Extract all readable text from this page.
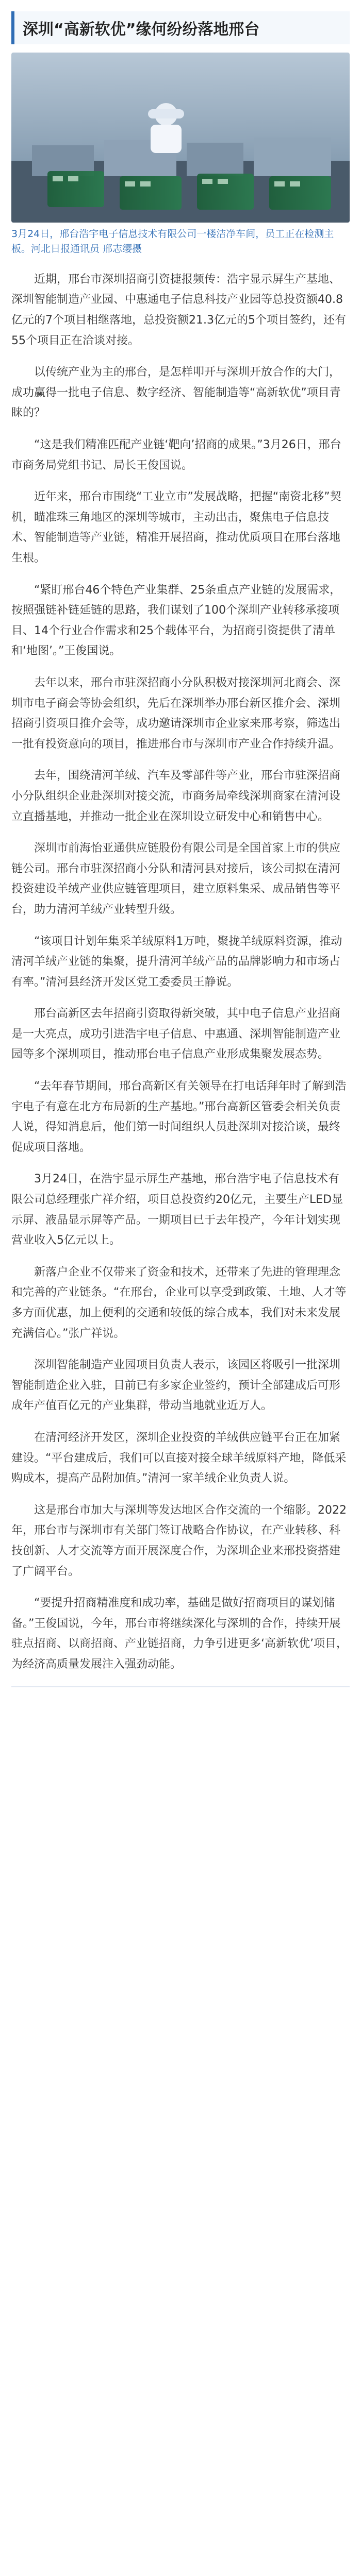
深圳“高新软优”缘何纷纷落地邢台
3月24日，邢台浩宇电子信息技术有限公司一楼洁净车间，员工正在检测主板。河北日报通讯员 邢志缨摄

近期，邢台市深圳招商引资捷报频传：浩宇显示屏生产基地、深圳智能制造产业园、中惠通电子信息科技产业园等总投资额40.8亿元的7个项目相继落地，总投资额21.3亿元的5个项目签约，还有55个项目正在洽谈对接。

以传统产业为主的邢台，是怎样叩开与深圳开放合作的大门，成功赢得一批电子信息、数字经济、智能制造等“高新软优”项目青睐的？

“这是我们精准匹配产业链‘靶向’招商的成果。”3月26日，邢台市商务局党组书记、局长王俊国说。

近年来，邢台市围绕“工业立市”发展战略，把握“南资北移”契机，瞄准珠三角地区的深圳等城市，主动出击，聚焦电子信息技术、智能制造等产业链，精准开展招商，推动优质项目在邢台落地生根。

“紧盯邢台46个特色产业集群、25条重点产业链的发展需求，按照强链补链延链的思路，我们谋划了100个深圳产业转移承接项目、14个行业合作需求和25个载体平台，为招商引资提供了清单和‘地图’。”王俊国说。

去年以来，邢台市驻深招商小分队积极对接深圳河北商会、深圳市电子商会等协会组织，先后在深圳举办邢台新区推介会、深圳招商引资项目推介会等，成功邀请深圳市企业家来邢考察，筛选出一批有投资意向的项目，推进邢台市与深圳市产业合作持续升温。

去年，围绕清河羊绒、汽车及零部件等产业，邢台市驻深招商小分队组织企业赴深圳对接交流，市商务局牵线深圳商家在清河设立直播基地，并推动一批企业在深圳设立研发中心和销售中心。

深圳市前海怡亚通供应链股份有限公司是全国首家上市的供应链公司。邢台市驻深招商小分队和清河县对接后，该公司拟在清河投资建设羊绒产业供应链管理项目，建立原料集采、成品销售等平台，助力清河羊绒产业转型升级。

“该项目计划年集采羊绒原料1万吨，聚拢羊绒原料资源，推动清河羊绒产业链的集聚，提升清河羊绒产品的品牌影响力和市场占有率。”清河县经济开发区党工委委员王静说。

邢台高新区去年招商引资取得新突破，其中电子信息产业招商是一大亮点，成功引进浩宇电子信息、中惠通、深圳智能制造产业园等多个深圳项目，推动邢台电子信息产业形成集聚发展态势。

“去年春节期间，邢台高新区有关领导在打电话拜年时了解到浩宇电子有意在北方布局新的生产基地。”邢台高新区管委会相关负责人说，得知消息后，他们第一时间组织人员赴深圳对接洽谈，最终促成项目落地。

3月24日，在浩宇显示屏生产基地，邢台浩宇电子信息技术有限公司总经理张广祥介绍，项目总投资约20亿元，主要生产LED显示屏、液晶显示屏等产品。一期项目已于去年投产，今年计划实现营业收入5亿元以上。

新落户企业不仅带来了资金和技术，还带来了先进的管理理念和完善的产业链条。“在邢台，企业可以享受到政策、土地、人才等多方面优惠，加上便利的交通和较低的综合成本，我们对未来发展充满信心。”张广祥说。

深圳智能制造产业园项目负责人表示，该园区将吸引一批深圳智能制造企业入驻，目前已有多家企业签约，预计全部建成后可形成年产值百亿元的产业集群，带动当地就业近万人。

在清河经济开发区，深圳企业投资的羊绒供应链平台正在加紧建设。“平台建成后，我们可以直接对接全球羊绒原料产地，降低采购成本，提高产品附加值。”清河一家羊绒企业负责人说。

这是邢台市加大与深圳等发达地区合作交流的一个缩影。2022年，邢台市与深圳市有关部门签订战略合作协议，在产业转移、科技创新、人才交流等方面开展深度合作，为深圳企业来邢投资搭建了广阔平台。

“要提升招商精准度和成功率，基础是做好招商项目的谋划储备。”王俊国说，今年，邢台市将继续深化与深圳的合作，持续开展驻点招商、以商招商、产业链招商，力争引进更多‘高新软优’项目，为经济高质量发展注入强劲动能。
